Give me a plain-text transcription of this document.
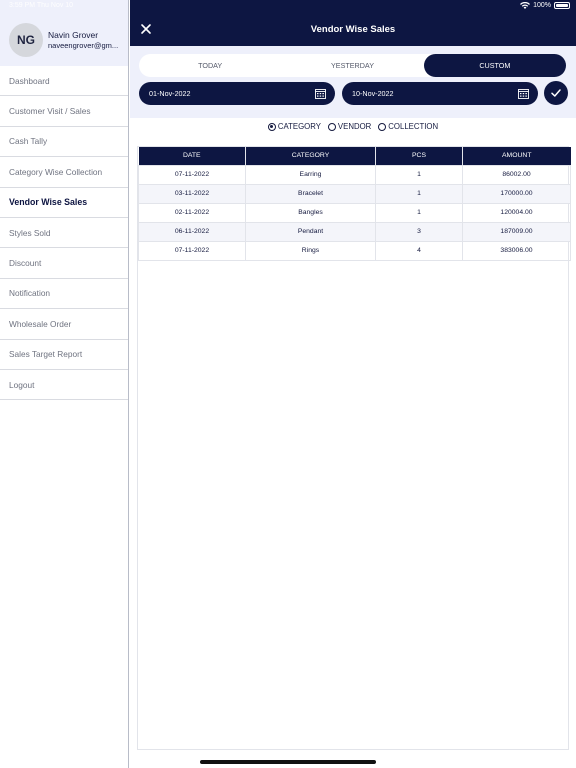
3:59 PM Thu Nov 10
NG	Navin Grover
naveengrover@gm...
Dashboard
Customer Visit / Sales
Cash Tally
Category Wise Collection
Vendor Wise Sales
Styles Sold
Discount
Notification
Wholesale Order
Sales Target Report
Logout
100%
Vendor Wise Sales
TODAY	YESTERDAY	CUSTOM
01-Nov-2022	10-Nov-2022
CATEGORY VENDOR COLLECTION
DATE	CATEGORY	PCS	AMOUNT
07-11-2022	Earring	1	86002.00
03-11-2022	Bracelet	1	170000.00
02-11-2022	Bangles	1	120004.00
06-11-2022	Pendant	3	187009.00
07-11-2022	Rings	4	383006.00
